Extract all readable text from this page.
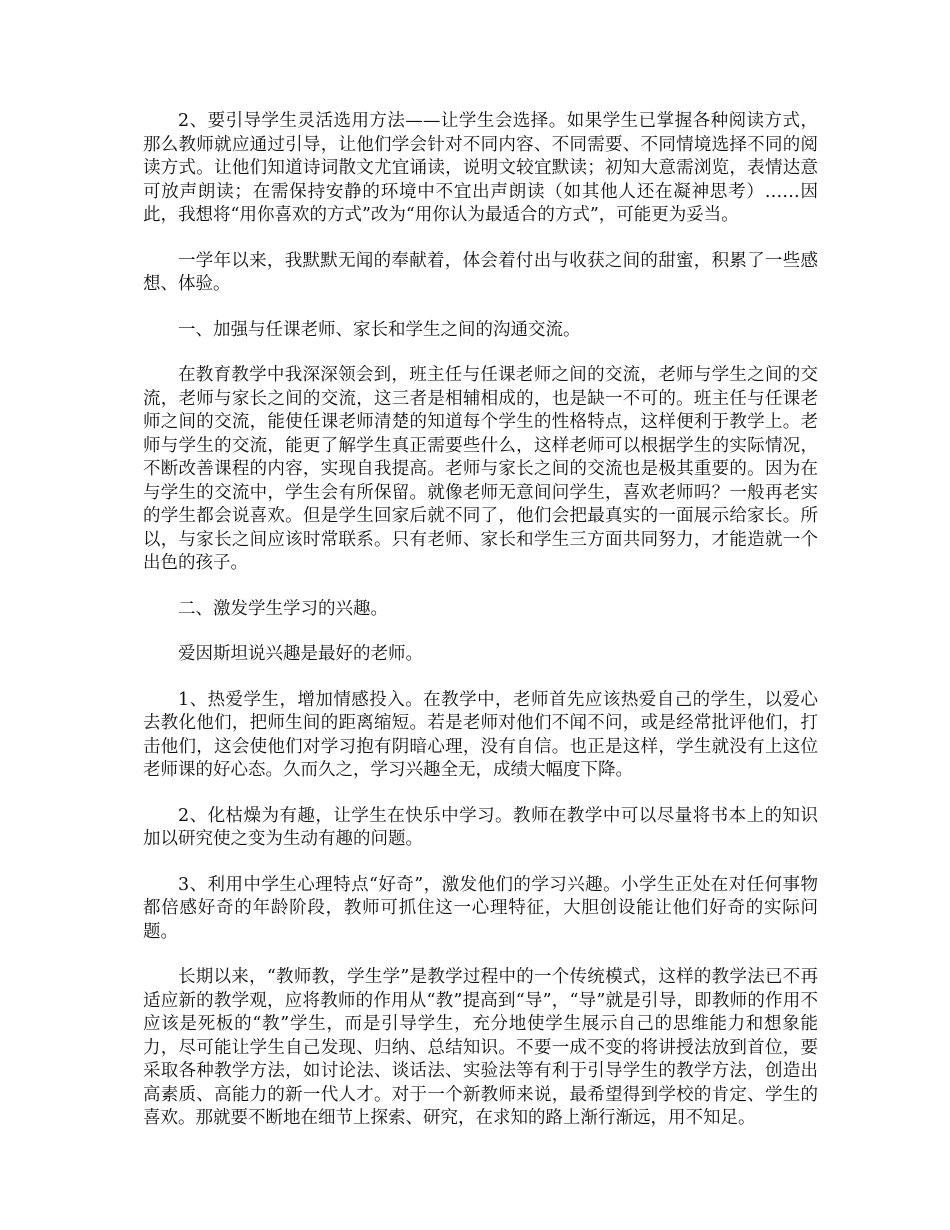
2、要引导学生灵活选用方法——让学生会选择。如果学生已掌握各种阅读方式，那么教师就应通过引导，让他们学会针对不同内容、不同需要、不同情境选择不同的阅读方式。让他们知道诗词散文尤宜诵读，说明文较宜默读；初知大意需浏览，表情达意可放声朗读；在需保持安静的环境中不宜出声朗读（如其他人还在凝神思考）……因此，我想将“用你喜欢的方式”改为“用你认为最适合的方式”，可能更为妥当。

一学年以来，我默默无闻的奉献着，体会着付出与收获之间的甜蜜，积累了一些感想、体验。

一、加强与任课老师、家长和学生之间的沟通交流。

在教育教学中我深深领会到，班主任与任课老师之间的交流，老师与学生之间的交流，老师与家长之间的交流，这三者是相辅相成的，也是缺一不可的。班主任与任课老师之间的交流，能使任课老师清楚的知道每个学生的性格特点，这样便利于教学上。老师与学生的交流，能更了解学生真正需要些什么，这样老师可以根据学生的实际情况，不断改善课程的内容，实现自我提高。老师与家长之间的交流也是极其重要的。因为在与学生的交流中，学生会有所保留。就像老师无意间问学生，喜欢老师吗？一般再老实的学生都会说喜欢。但是学生回家后就不同了，他们会把最真实的一面展示给家长。所以，与家长之间应该时常联系。只有老师、家长和学生三方面共同努力，才能造就一个出色的孩子。

二、激发学生学习的兴趣。

爱因斯坦说兴趣是最好的老师。

1、热爱学生，增加情感投入。在教学中，老师首先应该热爱自己的学生，以爱心去教化他们，把师生间的距离缩短。若是老师对他们不闻不问，或是经常批评他们，打击他们，这会使他们对学习抱有阴暗心理，没有自信。也正是这样，学生就没有上这位老师课的好心态。久而久之，学习兴趣全无，成绩大幅度下降。

2、化枯燥为有趣，让学生在快乐中学习。教师在教学中可以尽量将书本上的知识加以研究使之变为生动有趣的问题。

3、利用中学生心理特点“好奇”，激发他们的学习兴趣。小学生正处在对任何事物都倍感好奇的年龄阶段，教师可抓住这一心理特征，大胆创设能让他们好奇的实际问题。

长期以来，“教师教，学生学”是教学过程中的一个传统模式，这样的教学法已不再适应新的教学观，应将教师的作用从“教”提高到“导”，“导”就是引导，即教师的作用不应该是死板的“教”学生，而是引导学生，充分地使学生展示自己的思维能力和想象能力，尽可能让学生自己发现、归纳、总结知识。不要一成不变的将讲授法放到首位，要采取各种教学方法，如讨论法、谈话法、实验法等有利于引导学生的教学方法，创造出高素质、高能力的新一代人才。对于一个新教师来说，最希望得到学校的肯定、学生的喜欢。那就要不断地在细节上探索、研究，在求知的路上渐行渐远，用不知足。
